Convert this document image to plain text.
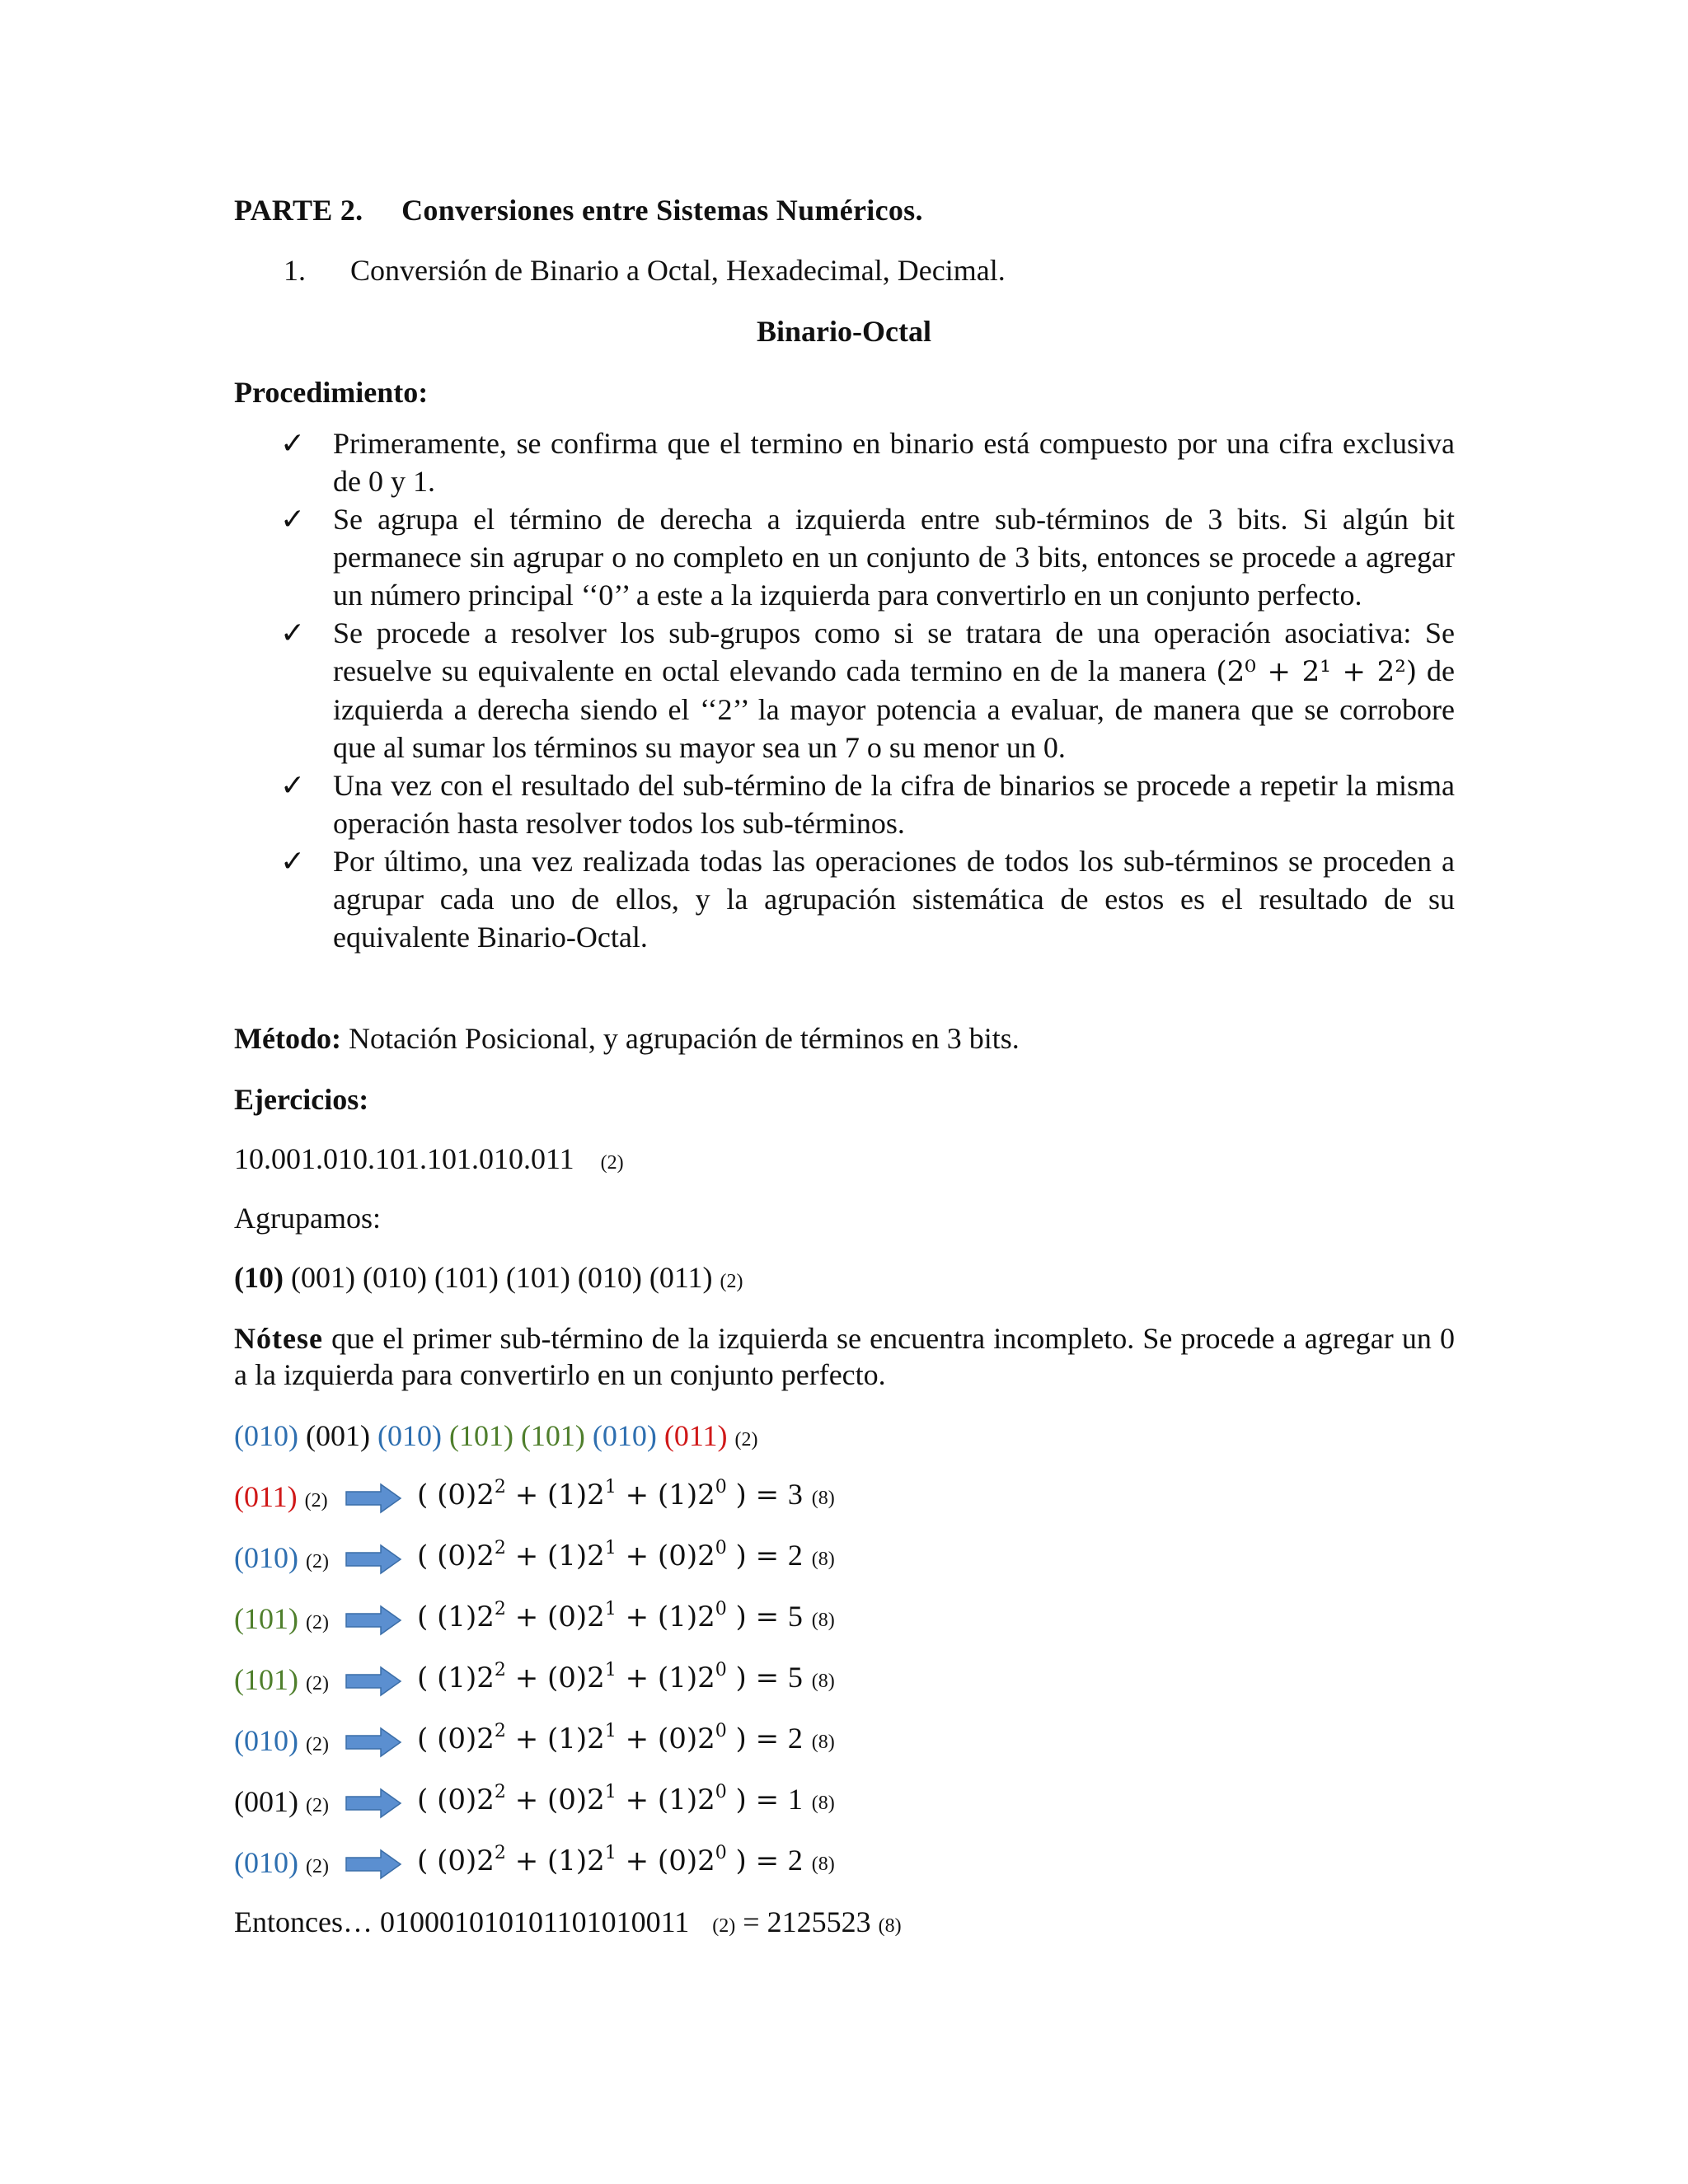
PARTE 2. Conversiones entre Sistemas Numéricos.
1. Conversión de Binario a Octal, Hexadecimal, Decimal.
Binario-Octal
Procedimiento:
✓ Primeramente, se confirma que el termino en binario está compuesto por una cifra exclusiva de 0 y 1.
✓ Se agrupa el término de derecha a izquierda entre sub-términos de 3 bits. Si algún bit permanece sin agrupar o no completo en un conjunto de 3 bits, entonces se procede a agregar un número principal ‘‘0’’ a este a la izquierda para convertirlo en un conjunto perfecto.
✓ Se procede a resolver los sub-grupos como si se tratara de una operación asociativa: Se resuelve su equivalente en octal elevando cada termino en de la manera (2⁰ + 2¹ + 2²) de izquierda a derecha siendo el ‘‘2’’ la mayor potencia a evaluar, de manera que se corrobore que al sumar los términos su mayor sea un 7 o su menor un 0.
✓ Una vez con el resultado del sub-término de la cifra de binarios se procede a repetir la misma operación hasta resolver todos los sub-términos.
✓ Por último, una vez realizada todas las operaciones de todos los sub-términos se proceden a agrupar cada uno de ellos, y la agrupación sistemática de estos es el resultado de su equivalente Binario-Octal.
Método: Notación Posicional, y agrupación de términos en 3 bits.
Ejercicios:
10.001.010.101.101.010.011 (2)
Agrupamos:
(10) (001) (010) (101) (101) (010) (011) (2)
Nótese que el primer sub-término de la izquierda se encuentra incompleto. Se procede a agregar un 0 a la izquierda para convertirlo en un conjunto perfecto.
(010) (001) (010) (101) (101) (010) (011) (2)
(011) (2)	( $(0)2^2 + (1)2^1 + (1)2^0$ ) = 3 (8)
(010) (2)	( $(0)2^2 + (1)2^1 + (0)2^0$ ) = 2 (8)
(101) (2)	( $(1)2^2 + (0)2^1 + (1)2^0$ ) = 5 (8)
(101) (2)	( $(1)2^2 + (0)2^1 + (1)2^0$ ) = 5 (8)
(010) (2)	( $(0)2^2 + (1)2^1 + (0)2^0$ ) = 2 (8)
(001) (2)	( $(0)2^2 + (0)2^1 + (1)2^0$ ) = 1 (8)
(010) (2)	( $(0)2^2 + (1)2^1 + (0)2^0$ ) = 2 (8)
Entonces… 010001010101101010011 (2) = 2125523 (8)
